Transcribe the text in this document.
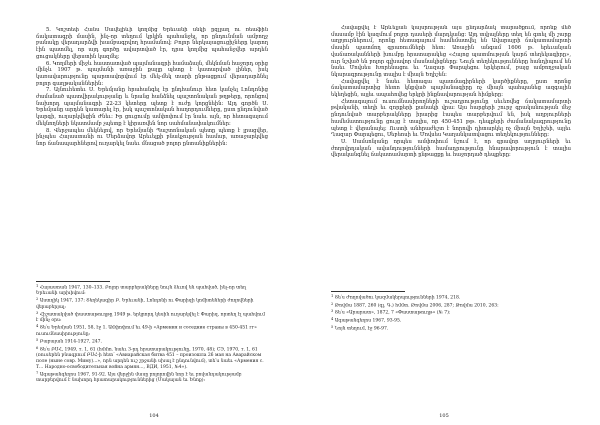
5. Կոշտեփ Հանս Սավելիևի կողմից Երեւանի սնկի ըզլլաղ ու ռեաֆին ճակատագրի մասին, ինչ-որ տեղում կրկին պահանջել, որ ընդունման ամբողջ բանակը վերադարձվի խամբագրվող հրամանով։ Բոլոր ներկայացուցիչները կարող էին պատմել, որ այդ գործը ավարտված էր, դրա կողմից պահանջվեր արդեն ցուցակները վերստին կազմել։

6. Կողմերի միջև հաստատված պայմանագրի համաձայն, մեկնման հաջորդ օրից մինչև 1907 թ. պայմանի առաջին քայլը պետք է կատարված լիներ, իսկ կառավարությունը պարտավորվում էր մեկ-մեկ տարի ընթացքում վերադարձնել բոլոր գաղթականներին։

7. Այնուհետեւ Ս. Երեմյանը հրահանգել էր ընդհանուր հետ կանչել Լոնդոնից ժամանած պատվիրակությանը և նրանց հանձնել պաշտոնական թղթերը, որոնցով նախորդ պայմանագրի 22-23 կետերը պետք է ուժը կորցնեին։ Այդ գործն Ս. Երեմյանը արդեն կատարել էր, իսկ պաշտոնական հաղորդումները, ըստ ընդունված կարգի, ուղարկվեցին Ժնեւ։ Իր ցուցումը ամփոփում էր նաեւ այն, որ հետագայում մեկնողների նկատմամբ չպետք է կիրառվեն նոր սահմանափակումներ։

8. Վերջապես մեկնելով, որ Երեմյանի Պաշտոնական պետը պետք է լրացվեր, ինչպես Հայաստանի ու Մերձավոր Արեւելքի բնակչության համար, առաջարկվեց նոր ճանապարհներով ուղարկել նաեւ մնացած բոլոր ընտանիքներին։

$^1$ Հայաստան 1947, 130–133. Բոլոր տարբերակները նույն ձեւով են պահված, ինչ-որ տեղ Երեւանի արխիվում։
$^2$ Աստղիկ 1947, 137: Տեղեկագիր Բ. Երեւանի, Լոնդոնի ու Փարիզի կոմիտեների ժողովների վերաբերյալ։
$^3$ Հիշատակված փաստաթուղթը 1949 թ. երկրորդ կեսին ուղարկվել է Փարիզ, որտեղ էլ պահվում է մինչ օրս։
$^4$ Տե՛ս Երեմյան 1951, 58, էջ 1. Ամփոփում եւ 49-ի «Армения и соседние страны в 450-451 гг» ուսումնասիրությունը։
$^5$ Բաբայան 1914-1927, 247.
$^6$ Տե՛ս ԲՍՀ, 1949, т. 1, 61 (հմմտ. նաեւ 3-րդ հրատարակությունը, 1970, 48); СЭ, 1970, т. 1, 61 (ռուսերեն բնագրում ԲՍՀ-ի հետ՝ «Авиарайская битва 451 – произошла 26 мая на Аварайском поле (ныне совр. Миму)...», որն արդեն ուշ շրջանի սխալ է ընդունվում), տե՛ս նաեւ «Армения с. Т... Народно-освободительная война армян..., ВДИ, 1951, №4»).
$^7$ Ագաթանգեղոս 1967, 91-92. Այս վերջին մասը բոլորովին նոր է եւ բովանդակությամբ տարբերվում է նախորդ հրատարակություններից (Մակայան եւ Ենոք)։
104

Հավաքվել է Արևելյան կայսրության այս ընդարձակ տարածքում, որոնք մեծ մասամբ էին կազմում բոլոր դասերի մարդկանց։ Այդ տվյալները տեղ են գտել մի շարք աղբյուրներում, որոնք հետագայում համեմատվել են Ավարայրի ճակատամարտի մասին պատմող գրառումների հետ։ Առաջին անգամ 1606 թ. երեւանյան վաճառականների խումբը հրատարակեց «Հայոց պատմության կարճ տեղեկագիրը», ուր նշված են բոլոր գլխավոր մասնակիցները։ Նույն տեղեկությունները հանդիպում են նաեւ Մովսես Խորենացու եւ Ղազար Փարպեցու երկերում, բայց ամբողջական նկարագրությունը տալիս է միայն Եղիշեն։

Հավաքվել է նաեւ հետագա պատմագիրների կարծիքները, ըստ որոնց ճակատամարտից հետո կնքված պայմանագիրը ոչ միայն պահպանեց ազգային եկեղեցին, այլեւ ապահովեց երկրի ինքնավարության հիմքերը։

Հետագայում ուսումնասիրողների ուշադրությունը սեւեռվեց ճակատամարտի թվականի, տեղի եւ զորքերի քանակի վրա։ Այս հարցերի շուրջ գրականության մեջ ընդունված տարբերակները իրարից էապես տարբերվում են, իսկ աղբյուրների համեմատությունը ցույց է տալիս, որ 450-451 թթ. դեպքերի ժամանակագրությունը պետք է վերանայել։ Ուստի անհրաժեշտ է նորովի դիտարկել ոչ միայն Եղիշեի, այլեւ Ղազար Փարպեցու, Սեբեոսի եւ Մովսես Կաղանկատվացու տեղեկությունները։

Ս. Սամսոնյանը որպես ամփոփում նշում է, որ գրավոր աղբյուրների եւ ժողովրդական ավանդությունների համադրությունը հնարավորություն է տալիս վերականգնել ճակատամարտի ընթացքը եւ հաջորդած դեպքերը։

$^1$ Տե՛ս Ժողովածու կազմակերպությունների 1974, 218.
$^2$ Թովմա 1887, 260 (գլ. Գ.) հմմտ. Թովմա 2006, 287; Թովմա 2010, 263:
$^3$ Տե՛ս «Արարատ», 1872, 7 «Փաստաթուղթ» (№ 7):
$^4$ Ագաթանգեղոս 1967, 93-95.
$^5$ Նոյն տեղում, էջ 96-97.
105
